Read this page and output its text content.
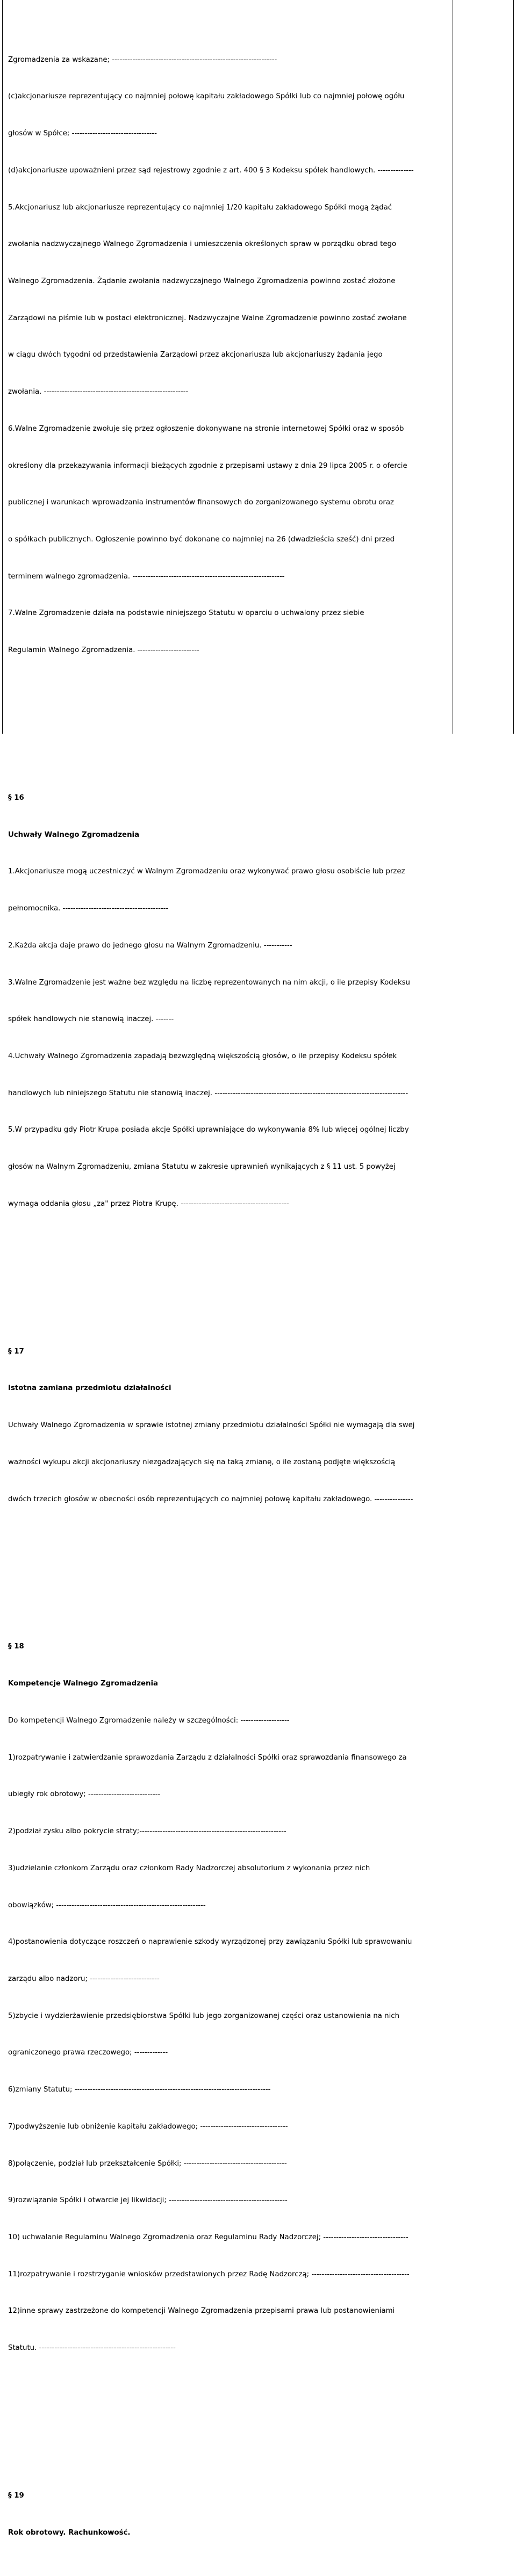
Zgromadzenia za wskazane; ----------------------------------------------------------------

(c)akcjonariusze reprezentujący co najmniej połowę kapitału zakładowego Spółki lub co najmniej połowę ogółu

głosów w Spółce; ---------------------------------

(d)akcjonariusze upoważnieni przez sąd rejestrowy zgodnie z art. 400 § 3 Kodeksu spółek handlowych. --------------

5.Akcjonariusz lub akcjonariusze reprezentujący co najmniej 1/20 kapitału zakładowego Spółki mogą żądać

zwołania nadzwyczajnego Walnego Zgromadzenia i umieszczenia określonych spraw w porządku obrad tego

Walnego Zgromadzenia. Żądanie zwołania nadzwyczajnego Walnego Zgromadzenia powinno zostać złożone

Zarządowi na piśmie lub w postaci elektronicznej. Nadzwyczajne Walne Zgromadzenie powinno zostać zwołane

w ciągu dwóch tygodni od przedstawienia Zarządowi przez akcjonariusza lub akcjonariuszy żądania jego

zwołania. --------------------------------------------------------

6.Walne Zgromadzenie zwołuje się przez ogłoszenie dokonywane na stronie internetowej Spółki oraz w sposób

określony dla przekazywania informacji bieżących zgodnie z przepisami ustawy z dnia 29 lipca 2005 r. o ofercie

publicznej i warunkach wprowadzania instrumentów finansowych do zorganizowanego systemu obrotu oraz

o spółkach publicznych. Ogłoszenie powinno być dokonane co najmniej na 26 (dwadzieścia sześć) dni przed

terminem walnego zgromadzenia. -----------------------------------------------------------

7.Walne Zgromadzenie działa na podstawie niniejszego Statutu w oparciu o uchwalony przez siebie

Regulamin Walnego Zgromadzenia. ------------------------

§ 16

Uchwały Walnego Zgromadzenia

1.Akcjonariusze mogą uczestniczyć w Walnym Zgromadzeniu oraz wykonywać prawo głosu osobiście lub przez

pełnomocnika. -----------------------------------------

2.Każda akcja daje prawo do jednego głosu na Walnym Zgromadzeniu. -----------

3.Walne Zgromadzenie jest ważne bez względu na liczbę reprezentowanych na nim akcji, o ile przepisy Kodeksu

spółek handlowych nie stanowią inaczej. -------

4.Uchwały Walnego Zgromadzenia zapadają bezwzględną większością głosów, o ile przepisy Kodeksu spółek

handlowych lub niniejszego Statutu nie stanowią inaczej. ---------------------------------------------------------------------------

5.W przypadku gdy Piotr Krupa posiada akcje Spółki uprawniające do wykonywania 8% lub więcej ogólnej liczby

głosów na Walnym Zgromadzeniu, zmiana Statutu w zakresie uprawnień wynikających z § 11 ust. 5 powyżej

wymaga oddania głosu „za" przez Piotra Krupę. ------------------------------------------

§ 17

Istotna zamiana przedmiotu działalności

Uchwały Walnego Zgromadzenia w sprawie istotnej zmiany przedmiotu działalności Spółki nie wymagają dla swej

ważności wykupu akcji akcjonariuszy niezgadzających się na taką zmianę, o ile zostaną podjęte większością

dwóch trzecich głosów w obecności osób reprezentujących co najmniej połowę kapitału zakładowego. ---------------

§ 18

Kompetencje Walnego Zgromadzenia

Do kompetencji Walnego Zgromadzenie należy w szczególności: -------------------

1)rozpatrywanie i zatwierdzanie sprawozdania Zarządu z działalności Spółki oraz sprawozdania finansowego za

ubiegły rok obrotowy; ----------------------------

2)podział zysku albo pokrycie straty;---------------------------------------------------------

3)udzielanie członkom Zarządu oraz członkom Rady Nadzorczej absolutorium z wykonania przez nich

obowiązków; ----------------------------------------------------------

4)postanowienia dotyczące roszczeń o naprawienie szkody wyrządzonej przy zawiązaniu Spółki lub sprawowaniu

zarządu albo nadzoru; ---------------------------

5)zbycie i wydzierżawienie przedsiębiorstwa Spółki lub jego zorganizowanej części oraz ustanowienia na nich

ograniczonego prawa rzeczowego; -------------

6)zmiany Statutu; ----------------------------------------------------------------------------

7)podwyższenie lub obniżenie kapitału zakładowego; ----------------------------------

8)połączenie, podział lub przekształcenie Spółki; ----------------------------------------

9)rozwiązanie Spółki i otwarcie jej likwidacji; ----------------------------------------------

10) uchwalanie Regulaminu Walnego Zgromadzenia oraz Regulaminu Rady Nadzorczej; ---------------------------------

11)rozpatrywanie i rozstrzyganie wniosków przedstawionych przez Radę Nadzorczą; --------------------------------------

12)inne sprawy zastrzeżone do kompetencji Walnego Zgromadzenia przepisami prawa lub postanowieniami

Statutu. -----------------------------------------------------

§ 19

Rok obrotowy. Rachunkowość.
